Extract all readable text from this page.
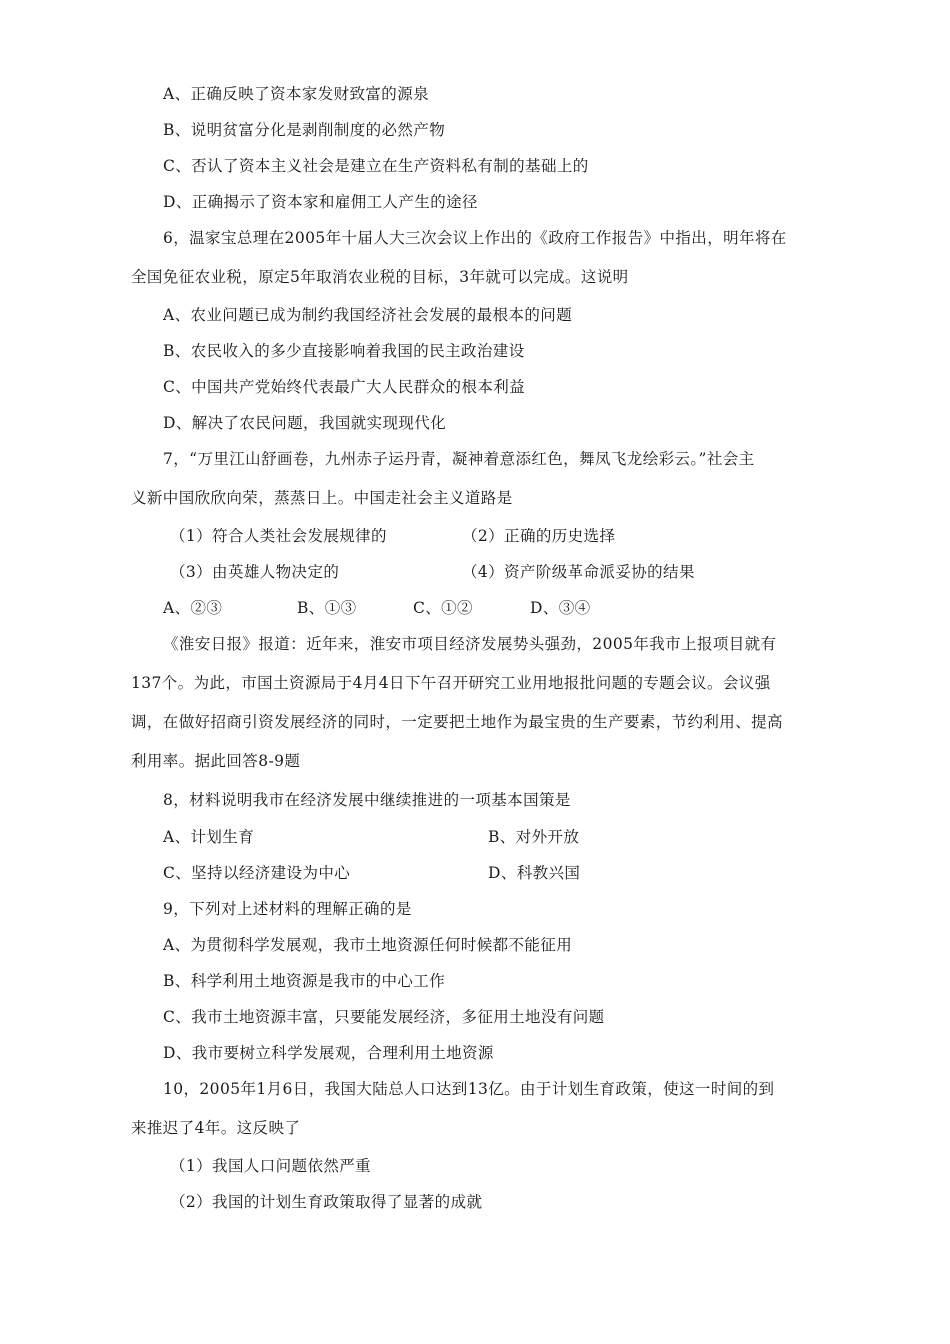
A、正确反映了资本家发财致富的源泉
B、说明贫富分化是剥削制度的必然产物
C、否认了资本主义社会是建立在生产资料私有制的基础上的
D、正确揭示了资本家和雇佣工人产生的途径
6，温家宝总理在2005年十届人大三次会议上作出的《政府工作报告》中指出，明年将在
全国免征农业税，原定5年取消农业税的目标，3年就可以完成。这说明
A、农业问题已成为制约我国经济社会发展的最根本的问题
B、农民收入的多少直接影响着我国的民主政治建设
C、中国共产党始终代表最广大人民群众的根本利益
D、解决了农民问题，我国就实现现代化
7，“万里江山舒画卷，九州赤子运丹青，凝神着意添红色，舞凤飞龙绘彩云。”社会主
义新中国欣欣向荣，蒸蒸日上。中国走社会主义道路是
（1）符合人类社会发展规律的	（2）正确的历史选择
（3）由英雄人物决定的	（4）资产阶级革命派妥协的结果
A、②③	B、①③	C、①②	D、③④
《淮安日报》报道：近年来，淮安市项目经济发展势头强劲，2005年我市上报项目就有
137个。为此，市国土资源局于4月4日下午召开研究工业用地报批问题的专题会议。会议强
调，在做好招商引资发展经济的同时，一定要把土地作为最宝贵的生产要素，节约利用、提高
利用率。据此回答8-9题
8，材料说明我市在经济发展中继续推进的一项基本国策是
A、计划生育	B、对外开放
C、坚持以经济建设为中心	D、科教兴国
9，下列对上述材料的理解正确的是
A、为贯彻科学发展观，我市土地资源任何时候都不能征用
B、科学利用土地资源是我市的中心工作
C、我市土地资源丰富，只要能发展经济，多征用土地没有问题
D、我市要树立科学发展观，合理利用土地资源
10，2005年1月6日，我国大陆总人口达到13亿。由于计划生育政策，使这一时间的到
来推迟了4年。这反映了
（1）我国人口问题依然严重
（2）我国的计划生育政策取得了显著的成就
